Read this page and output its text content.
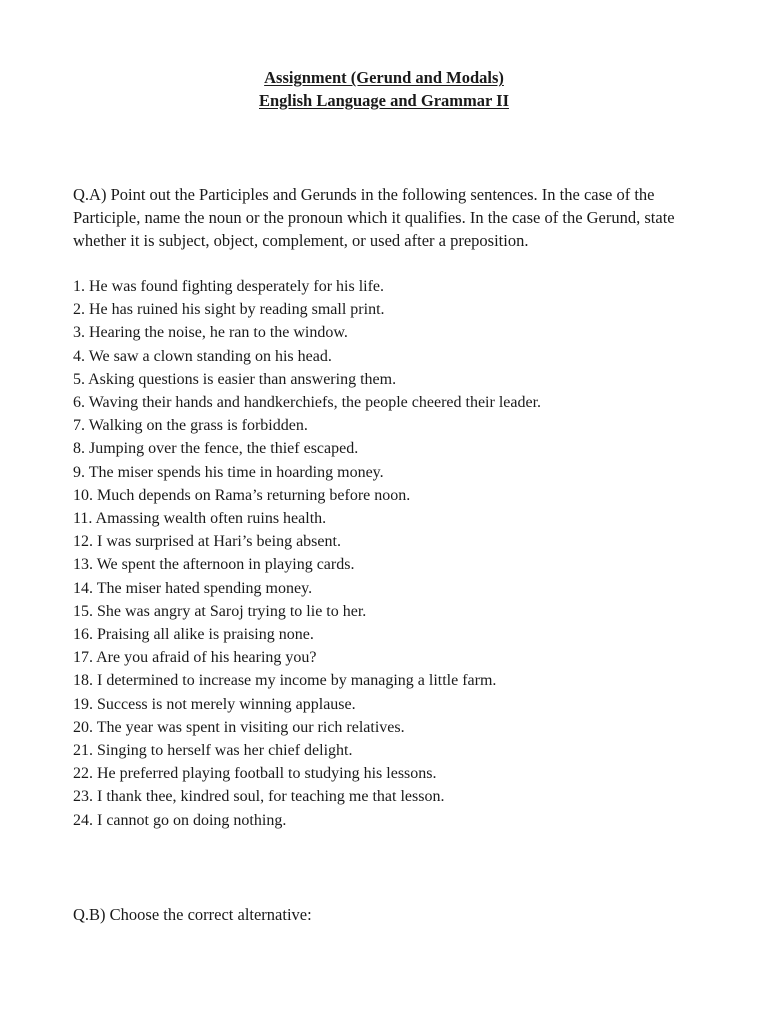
Assignment (Gerund and Modals)

English Language and Grammar II

Q.A) Point out the Participles and Gerunds in the following sentences. In the case of the Participle, name the noun or the pronoun which it qualifies. In the case of the Gerund, state whether it is subject, object, complement, or used after a preposition.

1. He was found fighting desperately for his life.
2. He has ruined his sight by reading small print.
3. Hearing the noise, he ran to the window.
4. We saw a clown standing on his head.
5. Asking questions is easier than answering them.
6. Waving their hands and handkerchiefs, the people cheered their leader.
7. Walking on the grass is forbidden.
8. Jumping over the fence, the thief escaped.
9. The miser spends his time in hoarding money.
10. Much depends on Rama’s returning before noon.
11. Amassing wealth often ruins health.
12. I was surprised at Hari’s being absent.
13. We spent the afternoon in playing cards.
14. The miser hated spending money.
15. She was angry at Saroj trying to lie to her.
16. Praising all alike is praising none.
17. Are you afraid of his hearing you?
18. I determined to increase my income by managing a little farm.
19. Success is not merely winning applause.
20. The year was spent in visiting our rich relatives.
21. Singing to herself was her chief delight.
22. He preferred playing football to studying his lessons.
23. I thank thee, kindred soul, for teaching me that lesson.
24. I cannot go on doing nothing.

Q.B) Choose the correct alternative:
